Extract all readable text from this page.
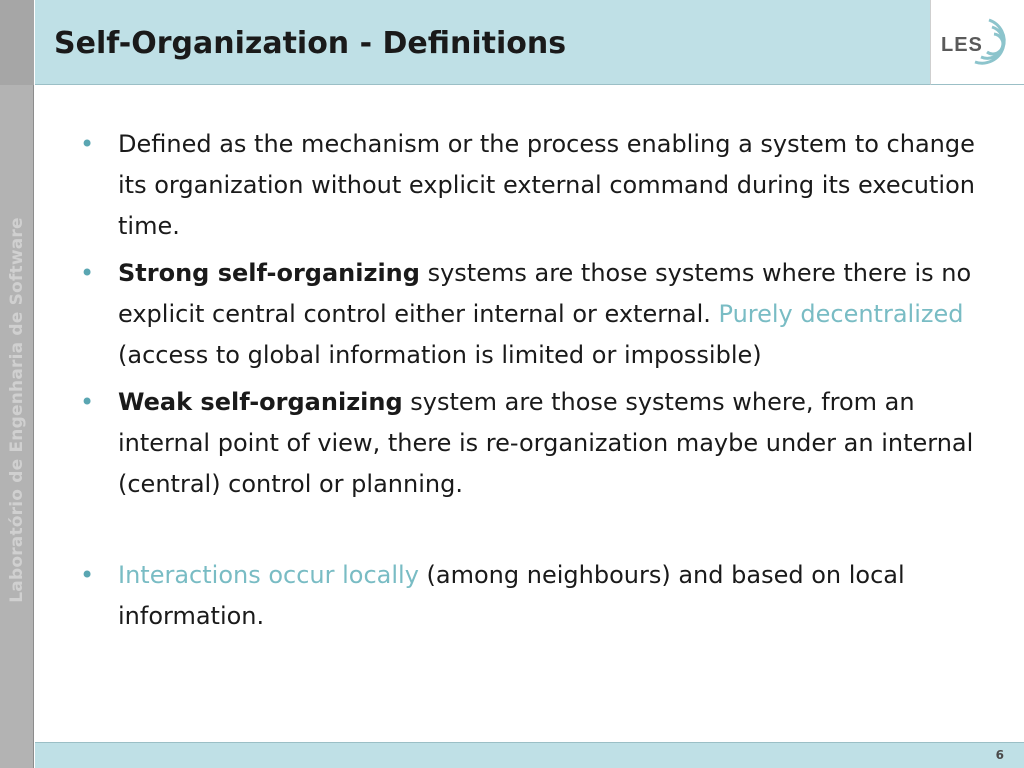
Laboratório de Engenharia de Software
Self-Organization - Definitions	LES
• Defined as the mechanism or the process enabling a system to change its organization without explicit external command during its execution time.
• Strong self-organizing systems are those systems where there is no explicit central control either internal or external. Purely decentralized (access to global information is limited or impossible)
• Weak self-organizing system are those systems where, from an internal point of view, there is re-organization maybe under an internal (central) control or planning.
• Interactions occur locally (among neighbours) and based on local information.
6
